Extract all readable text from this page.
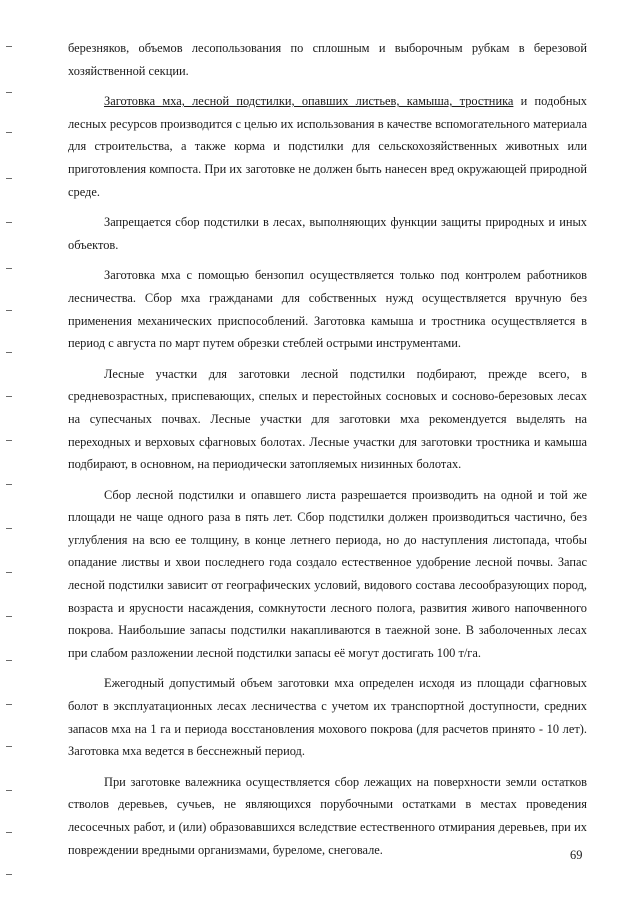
березняков, объемов лесопользования по сплошным и выборочным рубкам в березовой хозяйственной секции.

Заготовка мха, лесной подстилки, опавших листьев, камыша, тростника и подобных лесных ресурсов производится с целью их использования в качестве вспомогательного материала для строительства, а также корма и подстилки для сельскохозяйственных животных или приготовления компоста. При их заготовке не должен быть нанесен вред окружающей природной среде.

Запрещается сбор подстилки в лесах, выполняющих функции защиты природных и иных объектов.

Заготовка мха с помощью бензопил осуществляется только под контролем работников лесничества. Сбор мха гражданами для собственных нужд осуществляется вручную без применения механических приспособлений. Заготовка камыша и тростника осуществляется в период с августа по март путем обрезки стеблей острыми инструментами.

Лесные участки для заготовки лесной подстилки подбирают, прежде всего, в средневозрастных, приспевающих, спелых и перестойных сосновых и сосново-березовых лесах на супесчаных почвах. Лесные участки для заготовки мха рекомендуется выделять на переходных и верховых сфагновых болотах. Лесные участки для заготовки тростника и камыша подбирают, в основном, на периодически затопляемых низинных болотах.

Сбор лесной подстилки и опавшего листа разрешается производить на одной и той же площади не чаще одного раза в пять лет. Сбор подстилки должен производиться частично, без углубления на всю ее толщину, в конце летнего периода, но до наступления листопада, чтобы опадание листвы и хвои последнего года создало естественное удобрение лесной почвы. Запас лесной подстилки зависит от географических условий, видового состава лесообразующих пород, возраста и ярусности насаждения, сомкнутости лесного полога, развития живого напочвенного покрова. Наибольшие запасы подстилки накапливаются в таежной зоне. В заболоченных лесах при слабом разложении лесной подстилки запасы её могут достигать 100 т/га.

Ежегодный допустимый объем заготовки мха определен исходя из площади сфагновых болот в эксплуатационных лесах лесничества с учетом их транспортной доступности, средних запасов мха на 1 га и периода восстановления мохового покрова (для расчетов принято - 10 лет). Заготовка мха ведется в бесснежный период.

При заготовке валежника осуществляется сбор лежащих на поверхности земли остатков стволов деревьев, сучьев, не являющихся порубочными остатками в местах проведения лесосечных работ, и (или) образовавшихся вследствие естественного отмирания деревьев, при их повреждении вредными организмами, буреломе, снеговале.	69
